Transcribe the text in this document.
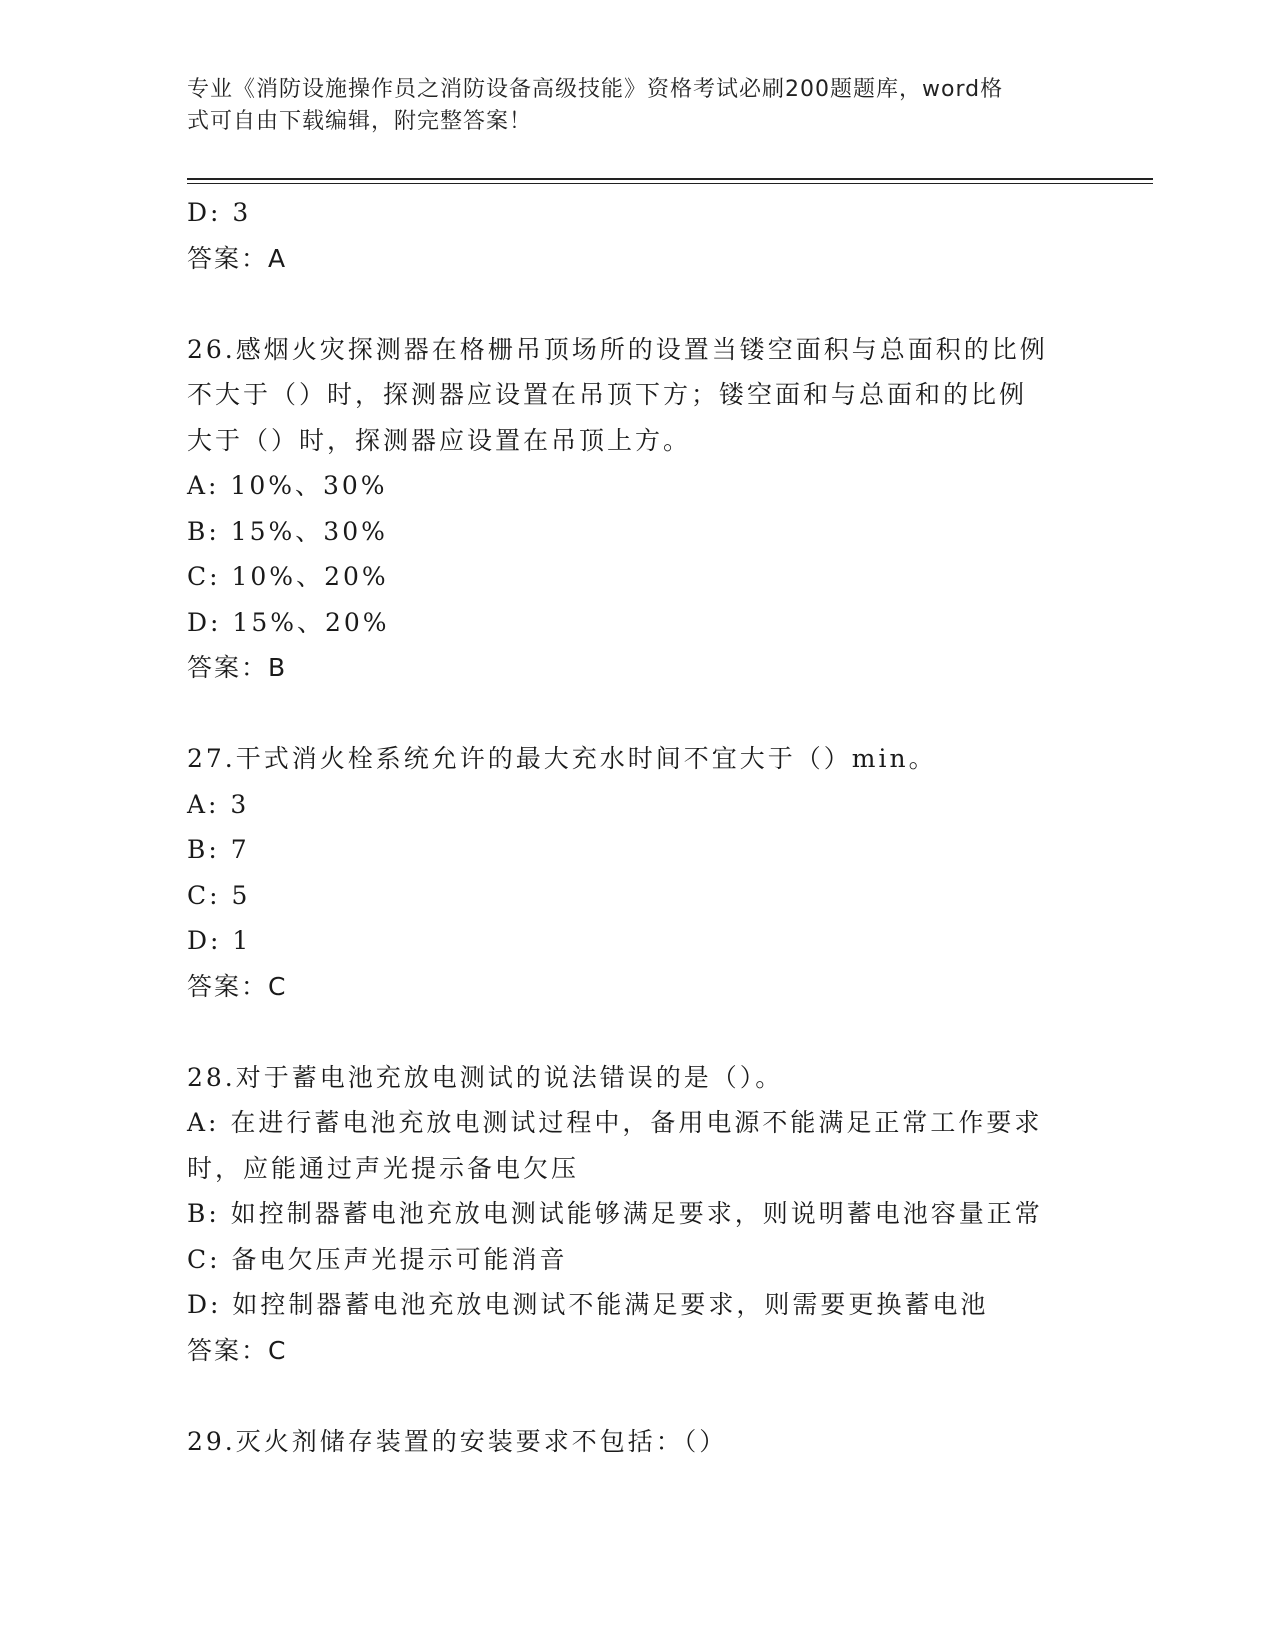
专业《消防设施操作员之消防设备高级技能》资格考试必刷200题题库，word格
式可自由下载编辑，附完整答案！
D: 3
答案：A
26.感烟火灾探测器在格栅吊顶场所的设置当镂空面积与总面积的比例
不大于（）时，探测器应设置在吊顶下方；镂空面和与总面和的比例
大于（）时，探测器应设置在吊顶上方。
A: 10%、30%
B: 15%、30%
C: 10%、20%
D: 15%、20%
答案：B
27.干式消火栓系统允许的最大充水时间不宜大于（）min。
A: 3
B: 7
C: 5
D: 1
答案：C
28.对于蓄电池充放电测试的说法错误的是（）。
A: 在进行蓄电池充放电测试过程中，备用电源不能满足正常工作要求
时，应能通过声光提示备电欠压
B: 如控制器蓄电池充放电测试能够满足要求，则说明蓄电池容量正常
C: 备电欠压声光提示可能消音
D: 如控制器蓄电池充放电测试不能满足要求，则需要更换蓄电池
答案：C
29.灭火剂储存装置的安装要求不包括：（）
